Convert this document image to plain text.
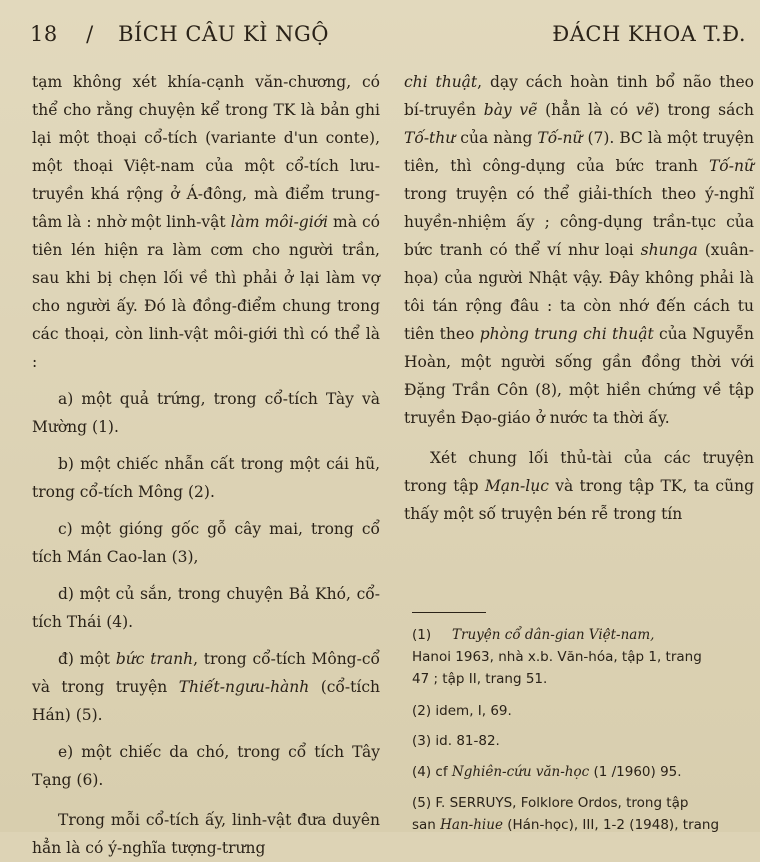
18 / BÍCH CÂU KÌ NGỘ	ĐÁCH KHOA T.Đ.

tạm không xét khía-cạnh văn-chương, có thể cho rằng chuyện kể trong TK là bản ghi lại một thoại cổ-tích (variante d'un conte), một thoại Việt-nam của một cổ-tích lưu-truyền khá rộng ở Á-đông, mà điểm trung-tâm là : nhờ một linh-vật làm môi-giới mà có tiên lén hiện ra làm cơm cho người trần, sau khi bị chẹn lối về thì phải ở lại làm vợ cho người ấy. Đó là đồng-điểm chung trong các thoại, còn linh-vật môi-giới thì có thể là :

a) một quả trứng, trong cổ-tích Tày và Mường (1).

b) một chiếc nhẫn cất trong một cái hũ, trong cổ-tích Mông (2).

c) một gióng gốc gỗ cây mai, trong cổ tích Mán Cao-lan (3),

d) một củ sắn, trong chuyện Bả Khó, cổ-tích Thái (4).

đ) một bức tranh, trong cổ-tích Mông-cổ và trong truyện Thiết-ngưu-hành (cổ-tích Hán) (5).

e) một chiếc da chó, trong cổ tích Tây Tạng (6).

Trong mỗi cổ-tích ấy, linh-vật đưa duyên hẳn là có ý-nghĩa tượng-trưng

chi thuật, dạy cách hoàn tinh bổ não theo bí-truyền bày vẽ (hẳn là có vẽ) trong sách Tố-thư của nàng Tố-nữ (7). BC là một truyện tiên, thì công-dụng của bức tranh Tố-nữ trong truyện có thể giải-thích theo ý-nghĩ huyền-nhiệm ấy ; công-dụng trần-tục của bức tranh có thể ví như loại shunga (xuân-họa) của người Nhật vậy. Đây không phải là tôi tán rộng đâu : ta còn nhớ đến cách tu tiên theo phòng trung chi thuật của Nguyễn Hoàn, một người sống gần đồng thời với Đặng Trần Côn (8), một hiền chứng về tập truyền Đạo-giáo ở nước ta thời ấy.

Xét chung lối thủ-tài của các truyện trong tập Mạn-lục và trong tập TK, ta cũng thấy một số truyện bén rễ trong tín

(1) Truyện cổ dân-gian Việt-nam,
Hanoi 1963, nhà x.b. Văn-hóa, tập 1, trang
47 ; tập II, trang 51.
(2) idem, I, 69.
(3) id. 81-82.
(4) cf Nghiên-cứu văn-học (1 /1960) 95.
(5) F. SERRUYS, Folklore Ordos, trong tập
san Han-hiue (Hán-học), III, 1-2 (1948), trang
